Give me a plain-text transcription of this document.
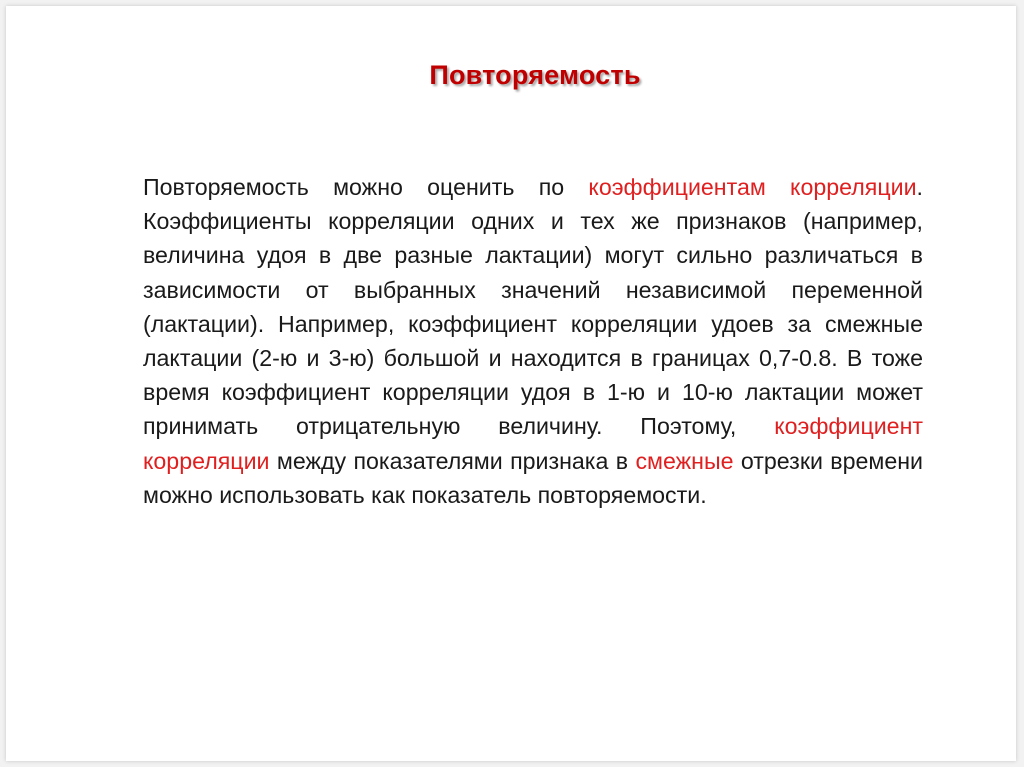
Повторяемость
Повторяемость можно оценить по коэффициентам корреляции. Коэффициенты корреляции одних и тех же признаков (например, величина удоя в две разные лактации) могут сильно различаться в зависимости от выбранных значений независимой переменной (лактации). Например, коэффициент корреляции удоев за смежные лактации (2-ю и 3-ю) большой и находится в границах 0,7-0.8. В тоже время коэффициент корреляции удоя в 1-ю и 10-ю лактации может принимать отрицательную величину. Поэтому, коэффициент корреляции между показателями признака в смежные отрезки времени можно использовать как показатель повторяемости.
